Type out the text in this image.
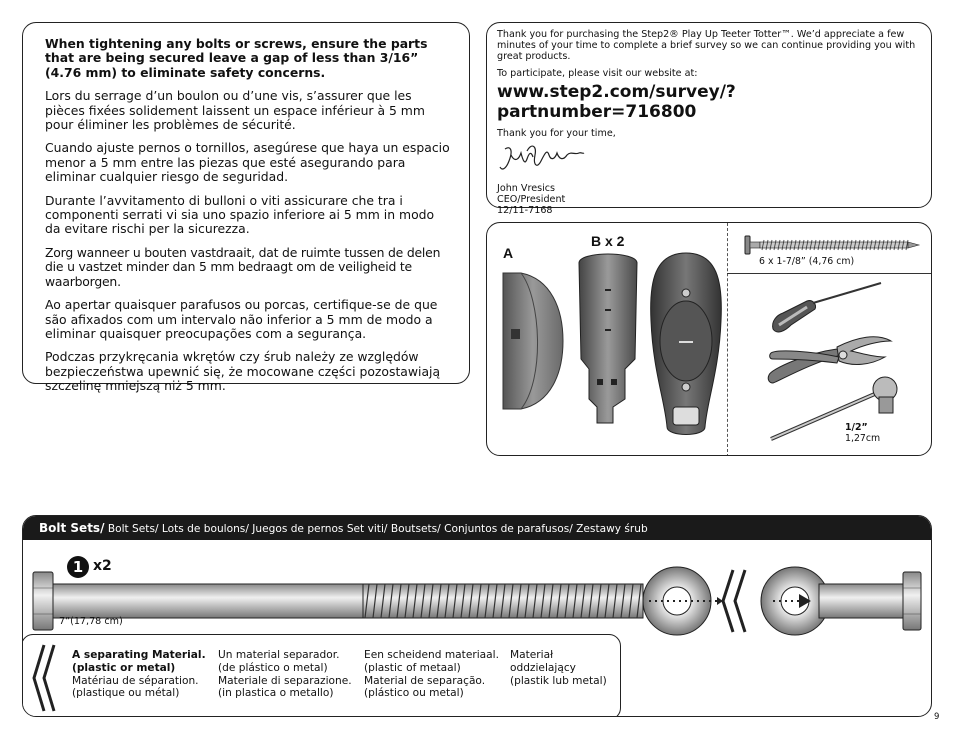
When tightening any bolts or screws, ensure the parts that are being secured leave a gap of less than 3/16” (4.76 mm) to eliminate safety concerns.

Lors du serrage d’un boulon ou d’une vis, s’assurer que les pièces fixées solidement laissent un espace inférieur à 5 mm pour éliminer les problèmes de sécurité.

Cuando ajuste pernos o tornillos, asegúrese que haya un espacio menor a 5 mm entre las piezas que esté asegurando para eliminar cualquier riesgo de seguridad.

Durante l’avvitamento di bulloni o viti assicurare che tra i componenti serrati vi sia uno spazio inferiore ai 5 mm in modo da evitare rischi per la sicurezza.

Zorg wanneer u bouten vastdraait, dat de ruimte tussen de delen die u vastzet minder dan 5 mm bedraagt om de veiligheid te waarborgen.

Ao apertar quaisquer parafusos ou porcas, certifique-se de que são afixados com um intervalo não inferior a 5 mm de modo a eliminar quaisquer preocupações com a segurança.

Podczas przykręcania wkrętów czy śrub należy ze względów bezpieczeństwa upewnić się, że mocowane części pozostawiają szczelinę mniejszą niż 5 mm.

Thank you for purchasing the Step2® Play Up Teeter Totter™. We’d appreciate a few minutes of your time to complete a brief survey so we can continue providing you with great products.
To participate, please visit our website at:
www.step2.com/survey/?partnumber=716800
Thank you for your time,
John Vresics
CEO/President
12/11-7168
A
B x 2
6 x 1-7/8” (4,76 cm)
1/2”
1,27cm
Bolt Sets/ Bolt Sets/ Lots de boulons/ Juegos de pernos Set viti/ Boutsets/ Conjuntos de parafusos/ Zestawy śrub
1 x2
7”(17,78 cm)
A separating Material.
(plastic or metal)
Matériau de séparation.
(plastique ou métal)
Un material separador.
(de plástico o metal)
Materiale di separazione.
(in plastica o metallo)
Een scheidend materiaal.
(plastic of metaal)
Material de separação.
(plástico ou metal)
Materiał oddzielający
(plastik lub metal)
9
